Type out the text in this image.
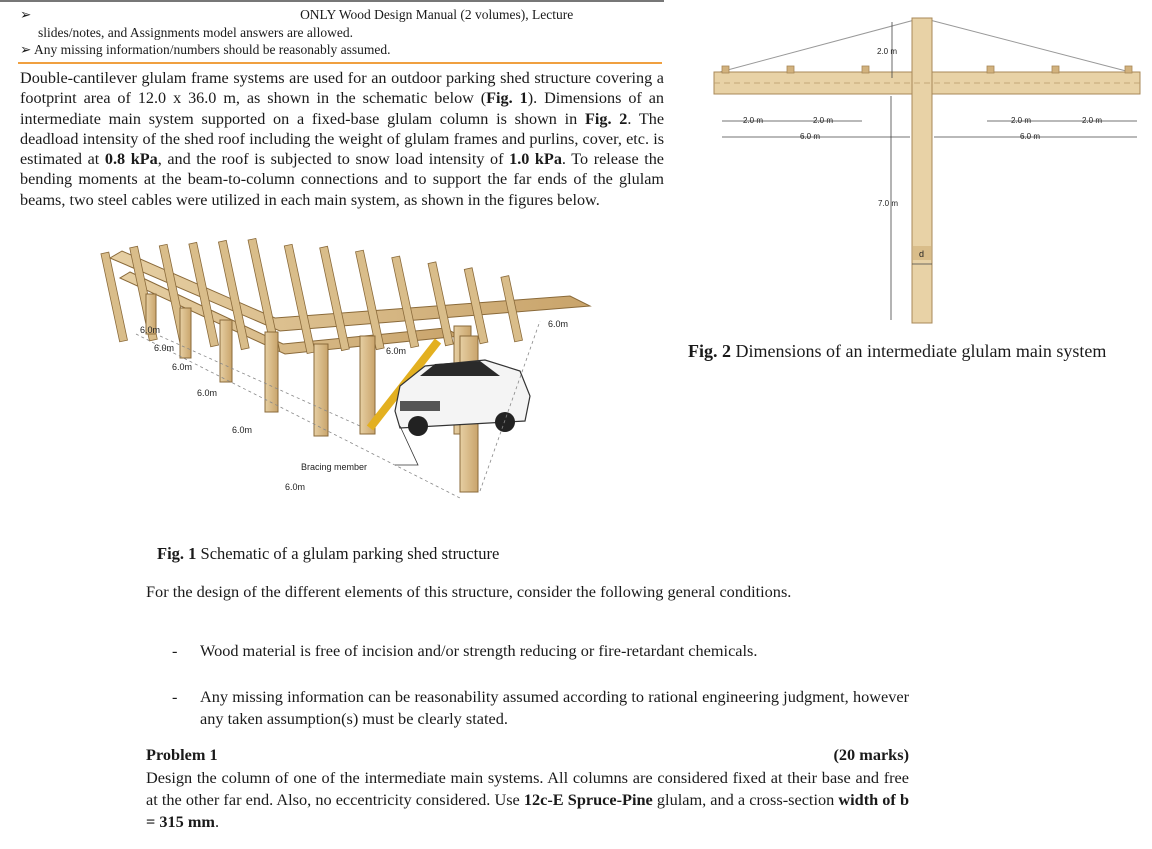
➢	ONLY Wood Design Manual (2 volumes), Lecture
slides/notes, and Assignments model answers are allowed.
➢ Any missing information/numbers should be reasonably assumed.
Double-cantilever glulam frame systems are used for an outdoor parking shed structure covering a footprint area of 12.0 x 36.0 m, as shown in the schematic below (Fig. 1). Dimensions of an intermediate main system supported on a fixed-base glulam column is shown in Fig. 2. The deadload intensity of the shed roof including the weight of glulam frames and purlins, cover, etc. is estimated at 0.8 kPa, and the roof is subjected to snow load intensity of 1.0 kPa. To release the bending moments at the beam-to-column connections and to support the far ends of the glulam beams, two steel cables were utilized in each main system, as shown in the figures below.
6.0m
6.0m
6.0m
6.0m
6.0m
6.0m
6.0m
6.0m
Bracing member
Fig. 1 Schematic of a glulam parking shed structure
2.0 m
2.0 m	2.0 m	2.0 m	2.0 m
6.0 m	6.0 m
7.0 m
d
Fig. 2 Dimensions of an intermediate glulam main system
For the design of the different elements of this structure, consider the following general conditions.
-	Wood material is free of incision and/or strength reducing or fire-retardant chemicals.
-	Any missing information can be reasonability assumed according to rational engineering judgment, however any taken assumption(s) must be clearly stated.
Problem 1	(20 marks)
Design the column of one of the intermediate main systems. All columns are considered fixed at their base and free at the other far end. Also, no eccentricity considered. Use 12c-E Spruce-Pine glulam, and a cross-section width of b = 315 mm.
